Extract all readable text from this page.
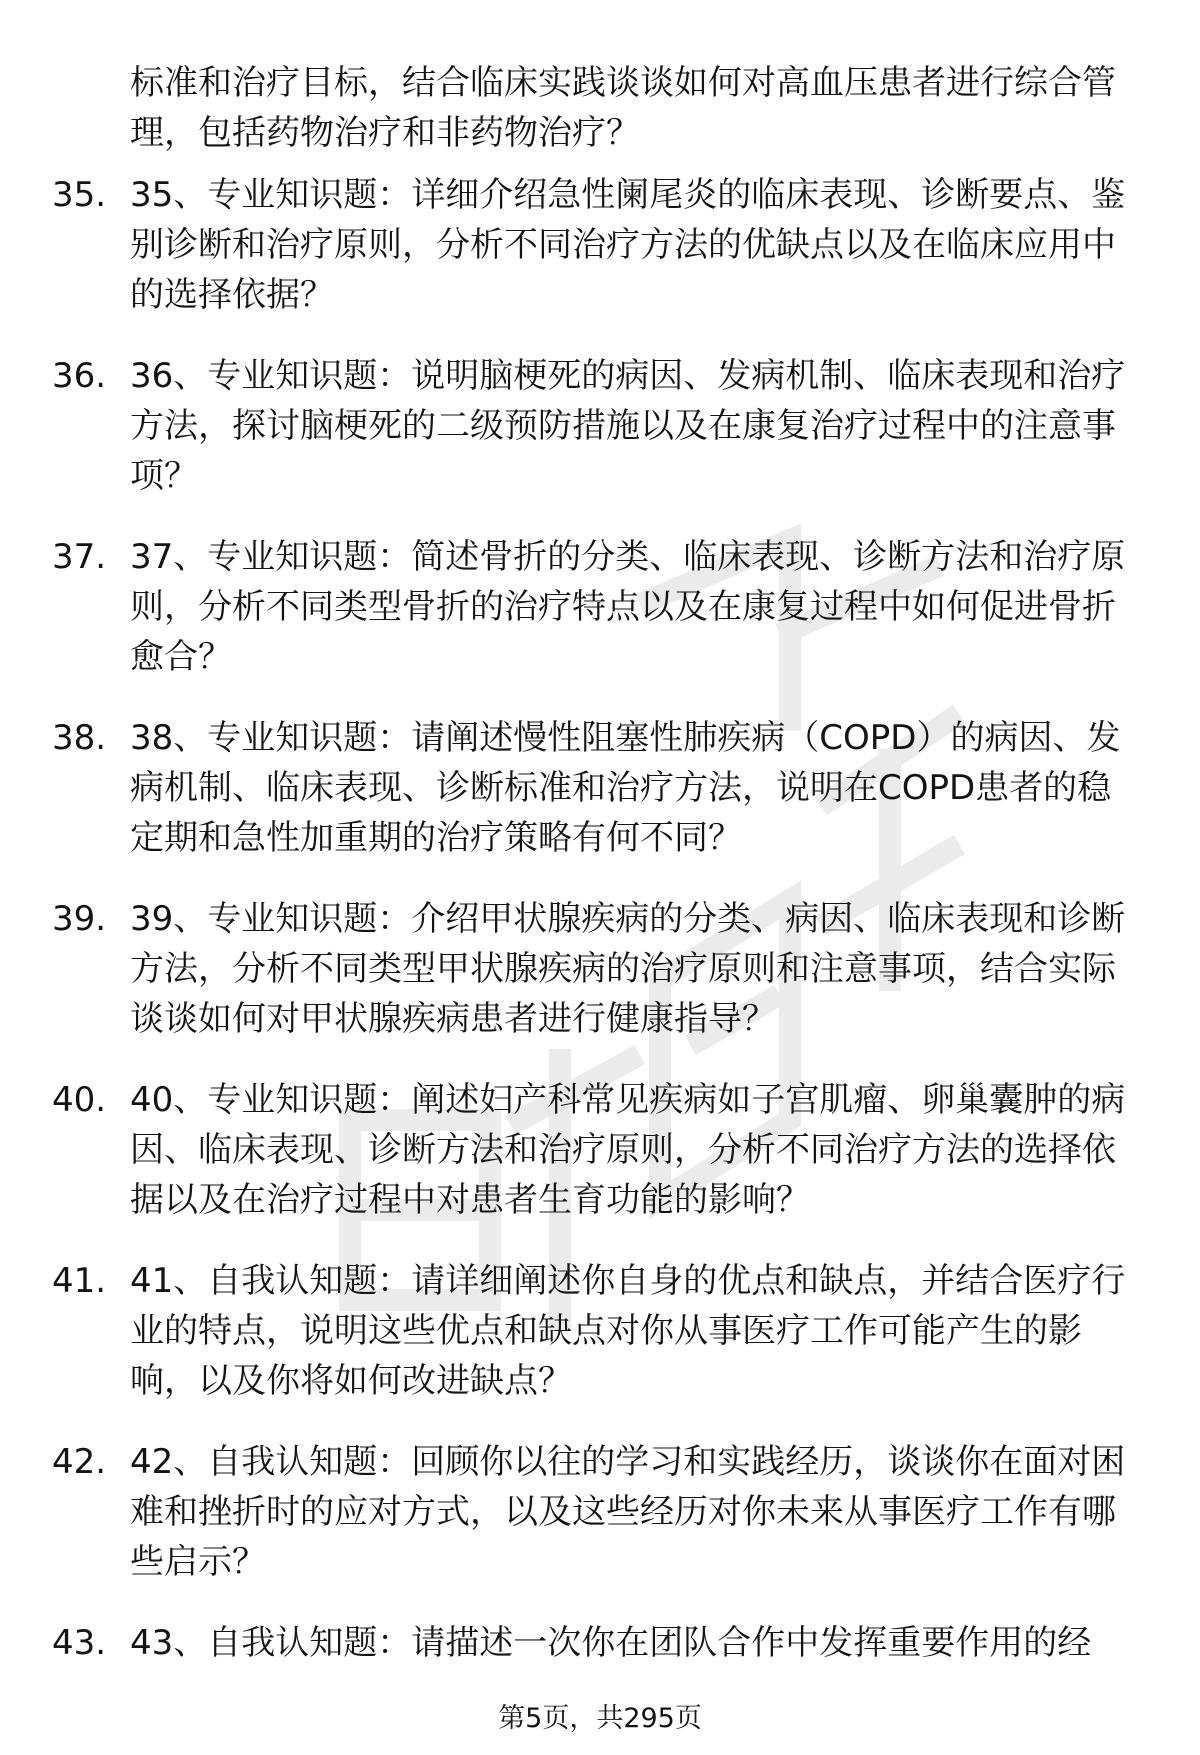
标准和治疗目标，结合临床实践谈谈如何对高血压患者进行综合管理，包括药物治疗和非药物治疗？

35. 35、专业知识题：详细介绍急性阑尾炎的临床表现、诊断要点、鉴别诊断和治疗原则，分析不同治疗方法的优缺点以及在临床应用中的选择依据？

36. 36、专业知识题：说明脑梗死的病因、发病机制、临床表现和治疗方法，探讨脑梗死的二级预防措施以及在康复治疗过程中的注意事项？

37. 37、专业知识题：简述骨折的分类、临床表现、诊断方法和治疗原则，分析不同类型骨折的治疗特点以及在康复过程中如何促进骨折愈合？

38. 38、专业知识题：请阐述慢性阻塞性肺疾病（COPD）的病因、发病机制、临床表现、诊断标准和治疗方法，说明在COPD患者的稳定期和急性加重期的治疗策略有何不同？

39. 39、专业知识题：介绍甲状腺疾病的分类、病因、临床表现和诊断方法，分析不同类型甲状腺疾病的治疗原则和注意事项，结合实际谈谈如何对甲状腺疾病患者进行健康指导？

40. 40、专业知识题：阐述妇产科常见疾病如子宫肌瘤、卵巢囊肿的病因、临床表现、诊断方法和治疗原则，分析不同治疗方法的选择依据以及在治疗过程中对患者生育功能的影响？

41. 41、自我认知题：请详细阐述你自身的优点和缺点，并结合医疗行业的特点，说明这些优点和缺点对你从事医疗工作可能产生的影响，以及你将如何改进缺点？

42. 42、自我认知题：回顾你以往的学习和实践经历，谈谈你在面对困难和挫折时的应对方式，以及这些经历对你未来从事医疗工作有哪些启示？

43. 43、自我认知题：请描述一次你在团队合作中发挥重要作用的经

第5页，共295页
